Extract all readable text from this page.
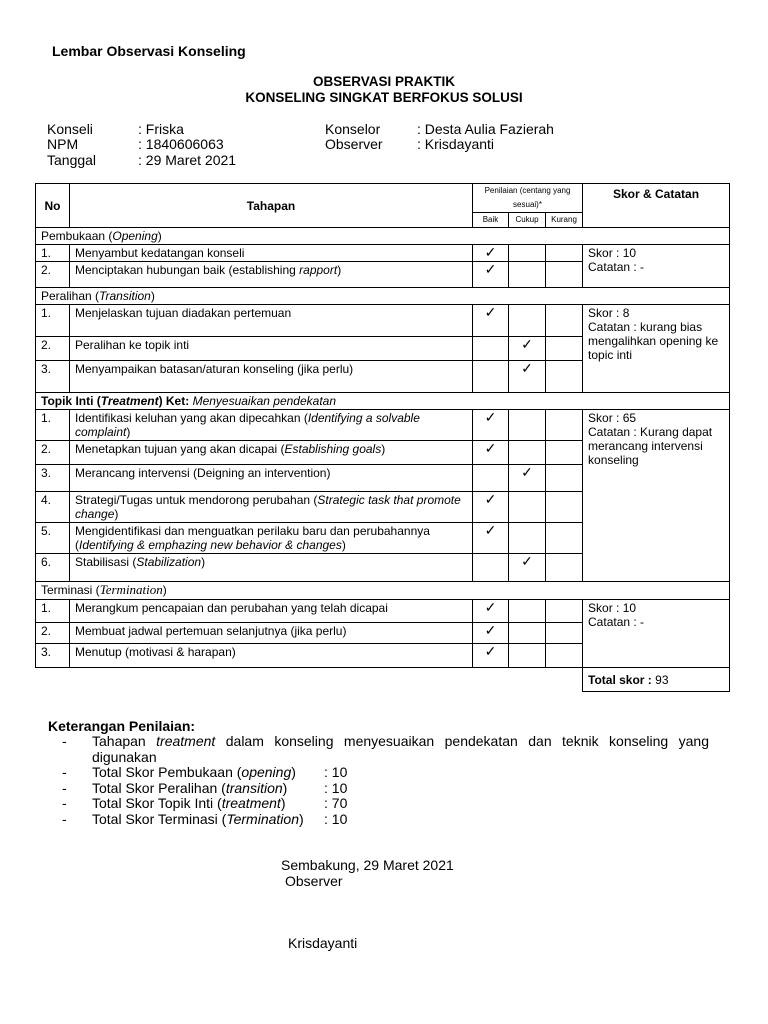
Lembar Observasi Konseling
OBSERVASI PRAKTIK
KONSELING SINGKAT BERFOKUS SOLUSI
Konseli	: Friska
NPM	: 1840606063
Tanggal	: 29 Maret 2021
Konselor	: Desta Aulia Fazierah
Observer : Krisdayanti
No	Tahapan	Penilaian (centang yang sesuai)*			Skor & Catatan
		Baik	Cukup	Kurang	
Pembukaan (Opening)					
1.	Menyambut kedatangan konseli	✓			Skor : 10
Catatan : -

2.	Menciptakan hubungan baik (establishing rapport)	✓			
Peralihan (Transition)					
1.	Menjelaskan tujuan diadakan pertemuan	✓			Skor : 8
Catatan : kurang bias mengalihkan opening ke topic inti

2.	Peralihan ke topik inti		✓		
3.	Menyampaikan batasan/aturan konseling (jika perlu)		✓		
Topik Inti (Treatment) Ket: Menyesuaikan pendekatan					
1.	Identifikasi keluhan yang akan dipecahkan (Identifying a solvable complaint)	✓			Skor : 65
Catatan : Kurang dapat merancang intervensi konseling

2.	Menetapkan tujuan yang akan dicapai (Establishing goals)	✓			
3.	Merancang intervensi (Deigning an intervention)		✓		
4.	Strategi/Tugas untuk mendorong perubahan (Strategic task that promote change)	✓			
5.	Mengidentifikasi dan menguatkan perilaku baru dan perubahannya (Identifying & emphazing new behavior & changes)	✓			
6.	Stabilisasi (Stabilization)		✓		
Terminasi (Termination)					
1.	Merangkum pencapaian dan perubahan yang telah dicapai	✓			Skor : 10
Catatan : -

2.	Membuat jadwal pertemuan selanjutnya (jika perlu)	✓			
3.	Menutup (motivasi & harapan)	✓			
					Total skor : 93
Keterangan Penilaian:
- Tahapan treatment dalam konseling menyesuaikan pendekatan dan teknik konseling yang digunakan
- Total Skor Pembukaan (opening) : 10
- Total Skor Peralihan (transition)	: 10
- Total Skor Topik Inti (treatment)	: 70
- Total Skor Terminasi (Termination) : 10
Sembakung, 29 Maret 2021
Observer
Krisdayanti
